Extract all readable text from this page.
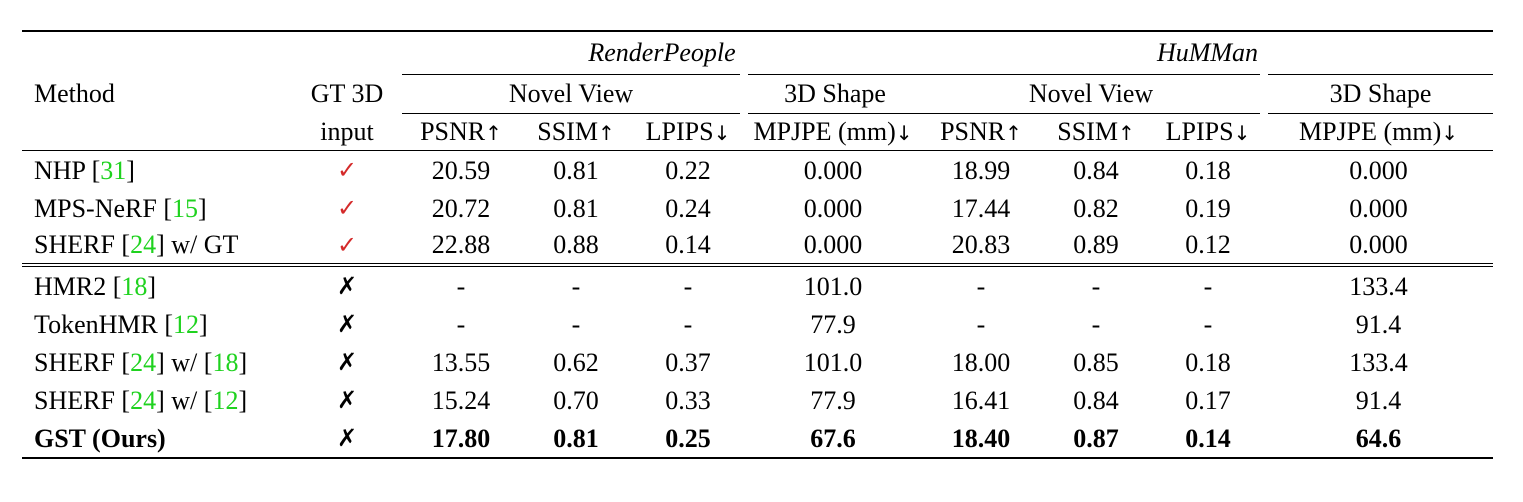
		RenderPeople				HuMMan			
Method	GT 3D	Novel View			3D Shape	Novel View			3D Shape
	input	PSNR↑	SSIM↑	LPIPS↓	MPJPE (mm)↓	PSNR↑	SSIM↑	LPIPS↓	MPJPE (mm)↓
NHP [31]	✓	20.59	0.81	0.22	0.000	18.99	0.84	0.18	0.000
MPS-NeRF [15]	✓	20.72	0.81	0.24	0.000	17.44	0.82	0.19	0.000
SHERF [24] w/ GT	✓	22.88	0.88	0.14	0.000	20.83	0.89	0.12	0.000
HMR2 [18]	✗	-	-	-	101.0	-	-	-	133.4
TokenHMR [12]	✗	-	-	-	77.9	-	-	-	91.4
SHERF [24] w/ [18]	✗	13.55	0.62	0.37	101.0	18.00	0.85	0.18	133.4
SHERF [24] w/ [12]	✗	15.24	0.70	0.33	77.9	16.41	0.84	0.17	91.4
GST (Ours)	✗	17.80	0.81	0.25	67.6	18.40	0.87	0.14	64.6
